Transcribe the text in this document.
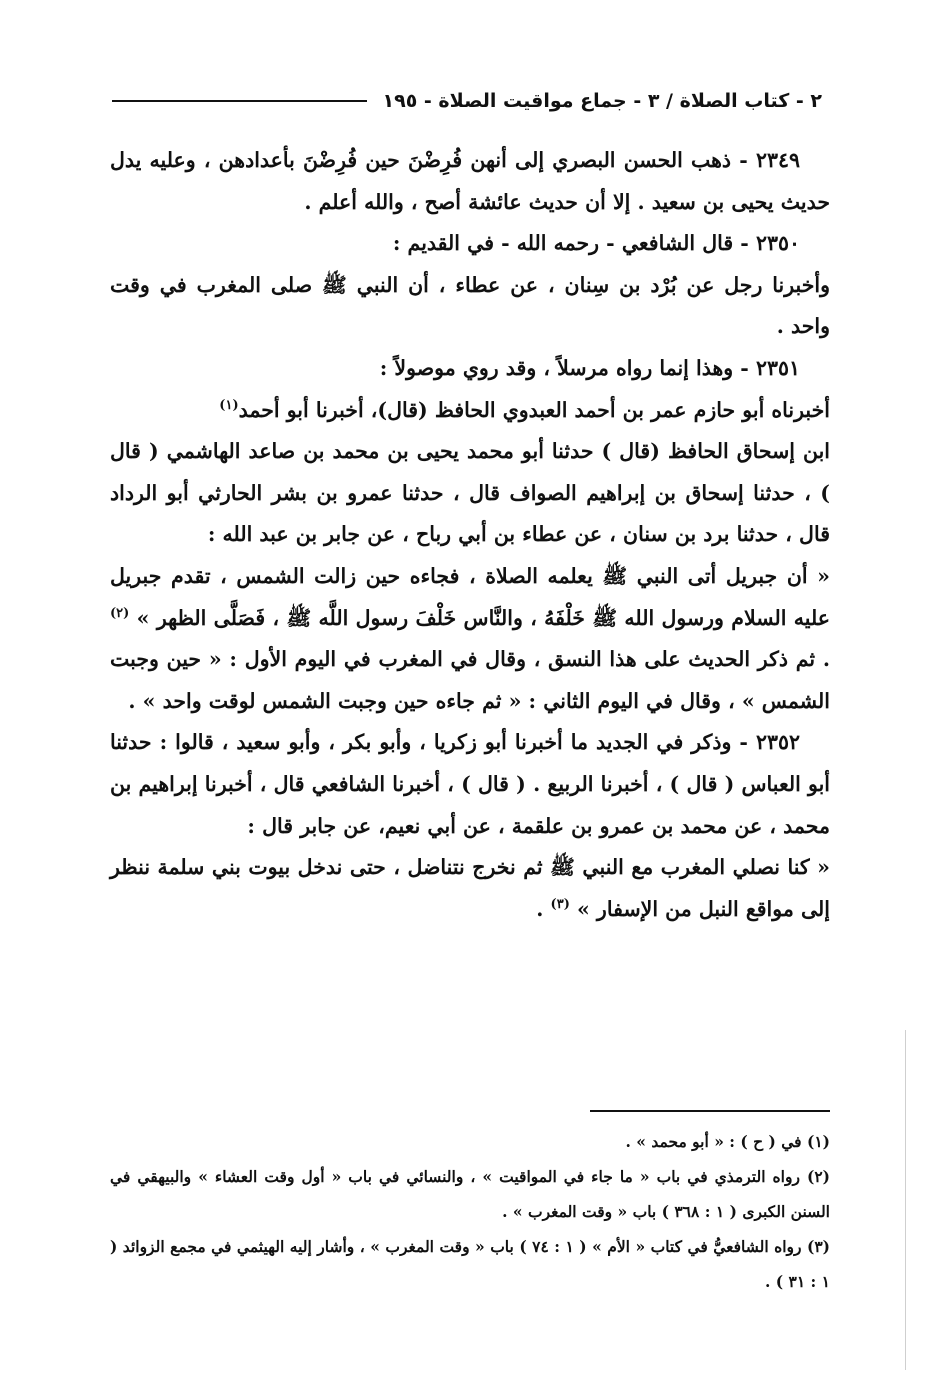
٢ - كتاب الصلاة / ٣ - جماع مواقيت الصلاة - ١٩٥

٢٣٤٩ - ذهب الحسن البصري إلى أنهن فُرِضْنَ حين فُرِضْنَ بأعدادهن ، وعليه يدل حديث يحيى بن سعيد . إلا أن حديث عائشة أصح ، والله أعلم .

٢٣٥٠ - قال الشافعي - رحمه الله - في القديم :

وأخبرنا رجل عن بُرْد بن سِنان ، عن عطاء ، أن النبي ﷺ صلى المغرب في وقت واحد .

٢٣٥١ - وهذا إنما رواه مرسلاً ، وقد روي موصولاً :

أخبرناه أبو حازم عمر بن أحمد العبدوي الحافظ (قال)، أخبرنا أبو أحمد$^{(١)}$

ابن إسحاق الحافظ (قال ) حدثنا أبو محمد يحيى بن محمد بن صاعد الهاشمي ( قال ) ، حدثنا إسحاق بن إبراهيم الصواف قال ، حدثنا عمرو بن بشر الحارثي أبو الرداد قال ، حدثنا برد بن سنان ، عن عطاء بن أبي رباح ، عن جابر بن عبد الله :

« أن جبريل أتى النبي ﷺ يعلمه الصلاة ، فجاءه حين زالت الشمس ، تقدم جبريل عليه السلام ورسول الله ﷺ خَلْفَهُ ، والنَّاس خَلْفَ رسول اللَّه ﷺ ، فَصَلَّى الظهر » $^{(٢)}$ . ثم ذكر الحديث على هذا النسق ، وقال في المغرب في اليوم الأول : « حين وجبت الشمس » ، وقال في اليوم الثاني : « ثم جاءه حين وجبت الشمس لوقت واحد » .

٢٣٥٢ - وذكر في الجديد ما أخبرنا أبو زكريا ، وأبو بكر ، وأبو سعيد ، قالوا : حدثنا أبو العباس ( قال ) ، أخبرنا الربيع . ( قال ) ، أخبرنا الشافعي قال ، أخبرنا إبراهيم بن محمد ، عن محمد بن عمرو بن علقمة ، عن أبي نعيم، عن جابر قال :

« كنا نصلي المغرب مع النبي ﷺ ثم نخرج نتناضل ، حتى ندخل بيوت بني سلمة ننظر إلى مواقع النبل من الإسفار » $^{(٣)}$ .

(١) في ( ح ) : « أبو محمد » .

(٢) رواه الترمذي في باب « ما جاء في المواقيت » ، والنسائي في باب « أول وقت العشاء » والبيهقي في السنن الكبرى ( ١ : ٣٦٨ ) باب « وقت المغرب » .

(٣) رواه الشافعيُّ في كتاب « الأم » ( ١ : ٧٤ ) باب « وقت المغرب » ، وأشار إليه الهيثمي في مجمع الزوائد ( ١ : ٣١ ) .
